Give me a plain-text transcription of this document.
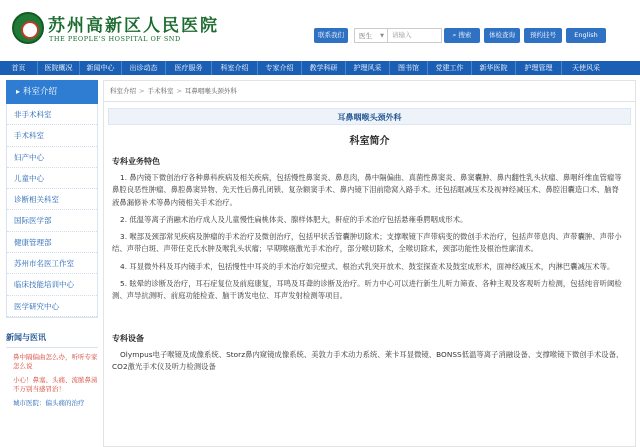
苏州高新区人民医院
THE PEOPLE'S HOSPITAL OF SND	联系我们	医生 ▼	请输入	⌕ 搜索	体检查询	预约挂号	English
首页	医院概况	新闻中心	出诊动态	医疗服务	科室介绍	专家介绍	教学科研	护理风采	图书馆	党建工作	新华医院	护理管理	天使风采
▸ 科室介绍
非手术科室
手术科室
妇产中心
儿童中心
诊断相关科室
国际医学部
健康管理部
苏州市名医工作室
临床技能培训中心
医学研究中心
新闻与医讯
鼻中隔偏曲怎么办，听听专家怎么说
小心！鼻塞、头痛、流脓鼻涕不万别当感冒治！
城市医院：偏头痛的治疗
科室介绍 > 手术科室 > 耳鼻咽喉头颈外科
耳鼻咽喉头颈外科
科室简介
专科业务特色

1. 鼻内镜下微创治疗各种鼻科疾病及相关疾病，包括慢性鼻窦炎、鼻息肉，鼻中隔偏曲、真菌性鼻窦炎、鼻窦囊肿、鼻内翻性乳头状瘤、鼻咽纤维血管瘤等鼻腔良恶性肿瘤、鼻腔鼻窦异物、先天性后鼻孔闭锁、复杂额窦手术、鼻内镜下泪前隐窝入路手术。还包括眶减压术及视神经减压术、鼻腔泪囊造口术、脑脊液鼻漏修补术等鼻内镜相关手术治疗。

2. 低温等离子消融术治疗成人及儿童慢性扁桃体炎、腺样体肥大，鼾症的手术治疗包括悬雍垂腭咽成形术。

3. 喉部及颈部常见疾病及肿瘤的手术治疗及微创治疗，包括甲状舌管囊肿切除术；支撑喉镜下声带病变的微创手术治疗，包括声带息肉、声带囊肿、声带小结、声带白斑、声带任克氏水肿及喉乳头状瘤；早期喉癌激光手术治疗，部分喉切除术，全喉切除术，颈部功能性及根治性廓清术。

4. 耳显微外科及耳内镜手术，包括慢性中耳炎的手术治疗如完壁式、根治式乳突开放术、鼓室探查术及鼓室成形术，面神经减压术，内淋巴囊减压术等。

5. 眩晕的诊断及治疗，耳石症复位及前庭康复，耳鸣及耳聋的诊断及治疗。听力中心可以进行新生儿听力筛查、各种主观及客观听力检测，包括纯音听阈检测、声导抗测听、前庭功能检查、脑干诱发电位、耳声发射检测等项目。

专科设备

Olympus电子喉镜及成像系统、Storz鼻内窥镜成像系统、美敦力手术动力系统、莱卡耳显微镜、BONSS低温等离子消融设备、支撑喉镜下微创手术设备、CO2激光手术仪及听力检测设备
